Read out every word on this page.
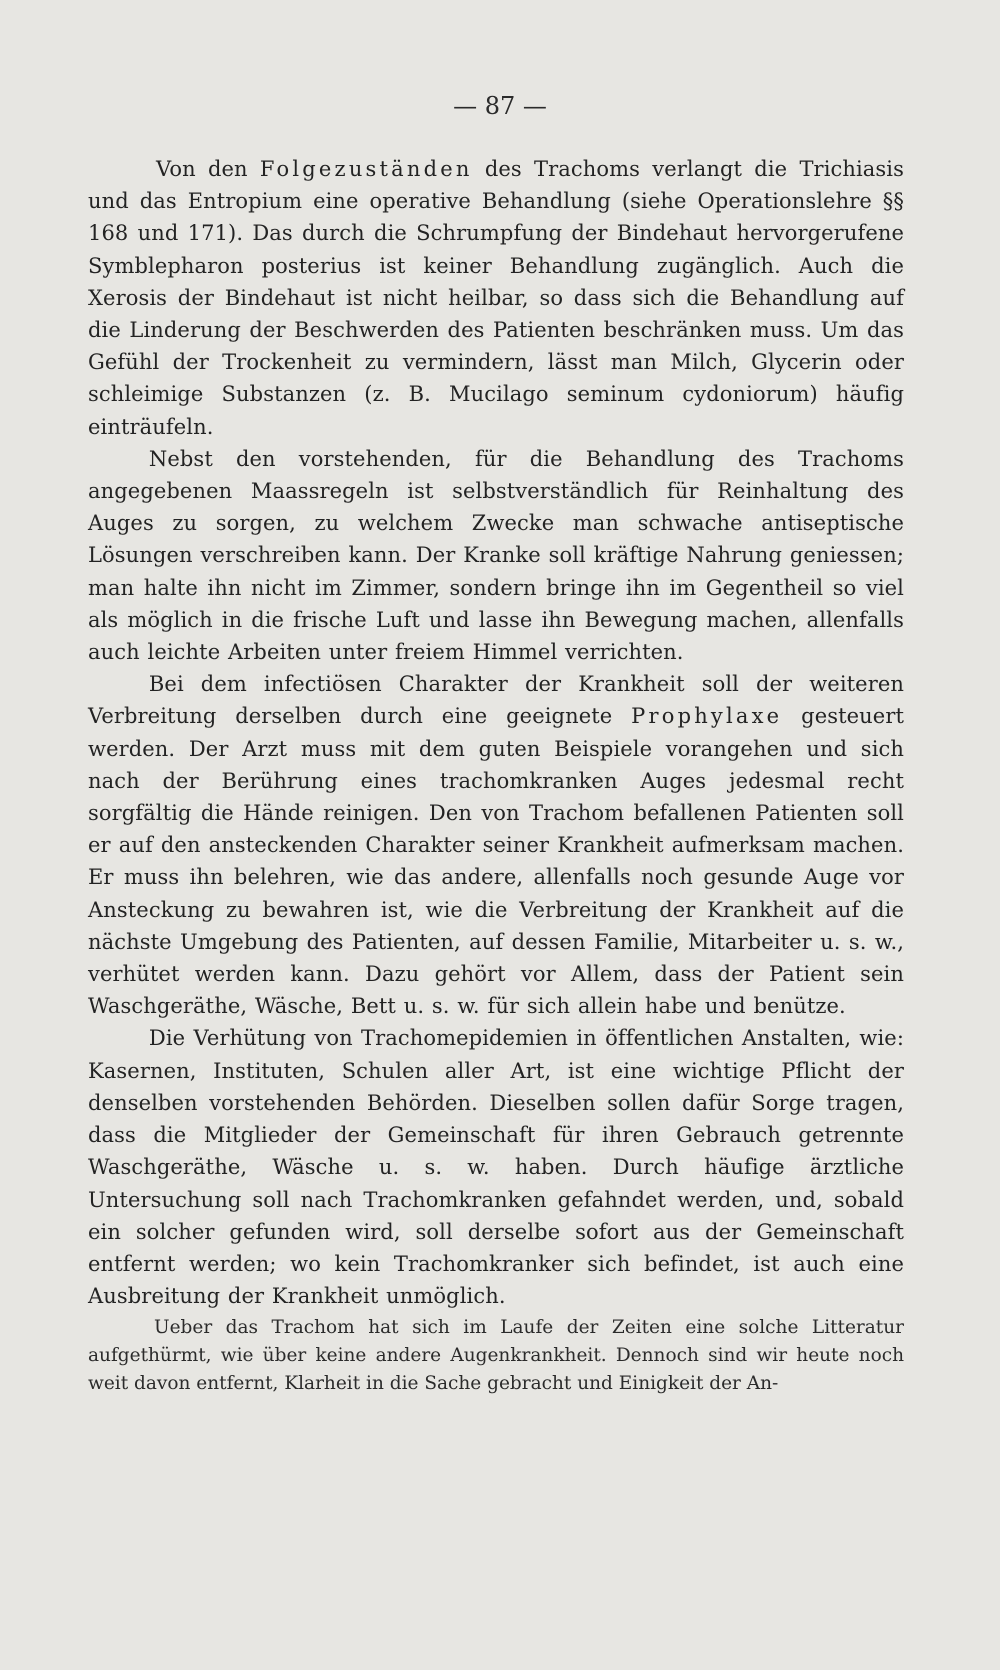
— 87 —

Von den Folgezuständen des Trachoms verlangt die Trichiasis und das Entropium eine operative Behandlung (siehe Operationslehre §§ 168 und 171). Das durch die Schrumpfung der Bindehaut hervorgerufene Symblepharon posterius ist keiner Behandlung zugänglich. Auch die Xerosis der Bindehaut ist nicht heilbar, so dass sich die Behandlung auf die Linderung der Beschwerden des Patienten beschränken muss. Um das Gefühl der Trockenheit zu vermindern, lässt man Milch, Glycerin oder schleimige Substanzen (z. B. Mucilago seminum cydoniorum) häufig einträufeln.

Nebst den vorstehenden, für die Behandlung des Trachoms angegebenen Maassregeln ist selbstverständlich für Reinhaltung des Auges zu sorgen, zu welchem Zwecke man schwache antiseptische Lösungen verschreiben kann. Der Kranke soll kräftige Nahrung geniessen; man halte ihn nicht im Zimmer, sondern bringe ihn im Gegentheil so viel als möglich in die frische Luft und lasse ihn Bewegung machen, allenfalls auch leichte Arbeiten unter freiem Himmel verrichten.

Bei dem infectiösen Charakter der Krankheit soll der weiteren Verbreitung derselben durch eine geeignete Prophylaxe gesteuert werden. Der Arzt muss mit dem guten Beispiele vorangehen und sich nach der Berührung eines trachomkranken Auges jedesmal recht sorgfältig die Hände reinigen. Den von Trachom befallenen Patienten soll er auf den ansteckenden Charakter seiner Krankheit aufmerksam machen. Er muss ihn belehren, wie das andere, allenfalls noch gesunde Auge vor Ansteckung zu bewahren ist, wie die Verbreitung der Krankheit auf die nächste Umgebung des Patienten, auf dessen Familie, Mitarbeiter u. s. w., verhütet werden kann. Dazu gehört vor Allem, dass der Patient sein Waschgeräthe, Wäsche, Bett u. s. w. für sich allein habe und benütze.

Die Verhütung von Trachomepidemien in öffentlichen Anstalten, wie: Kasernen, Instituten, Schulen aller Art, ist eine wichtige Pflicht der denselben vorstehenden Behörden. Dieselben sollen dafür Sorge tragen, dass die Mitglieder der Gemeinschaft für ihren Gebrauch getrennte Waschgeräthe, Wäsche u. s. w. haben. Durch häufige ärztliche Untersuchung soll nach Trachomkranken gefahndet werden, und, sobald ein solcher gefunden wird, soll derselbe sofort aus der Gemeinschaft entfernt werden; wo kein Trachomkranker sich befindet, ist auch eine Ausbreitung der Krankheit unmöglich.

Ueber das Trachom hat sich im Laufe der Zeiten eine solche Litteratur aufgethürmt, wie über keine andere Augenkrankheit. Dennoch sind wir heute noch weit davon entfernt, Klarheit in die Sache gebracht und Einigkeit der An-
